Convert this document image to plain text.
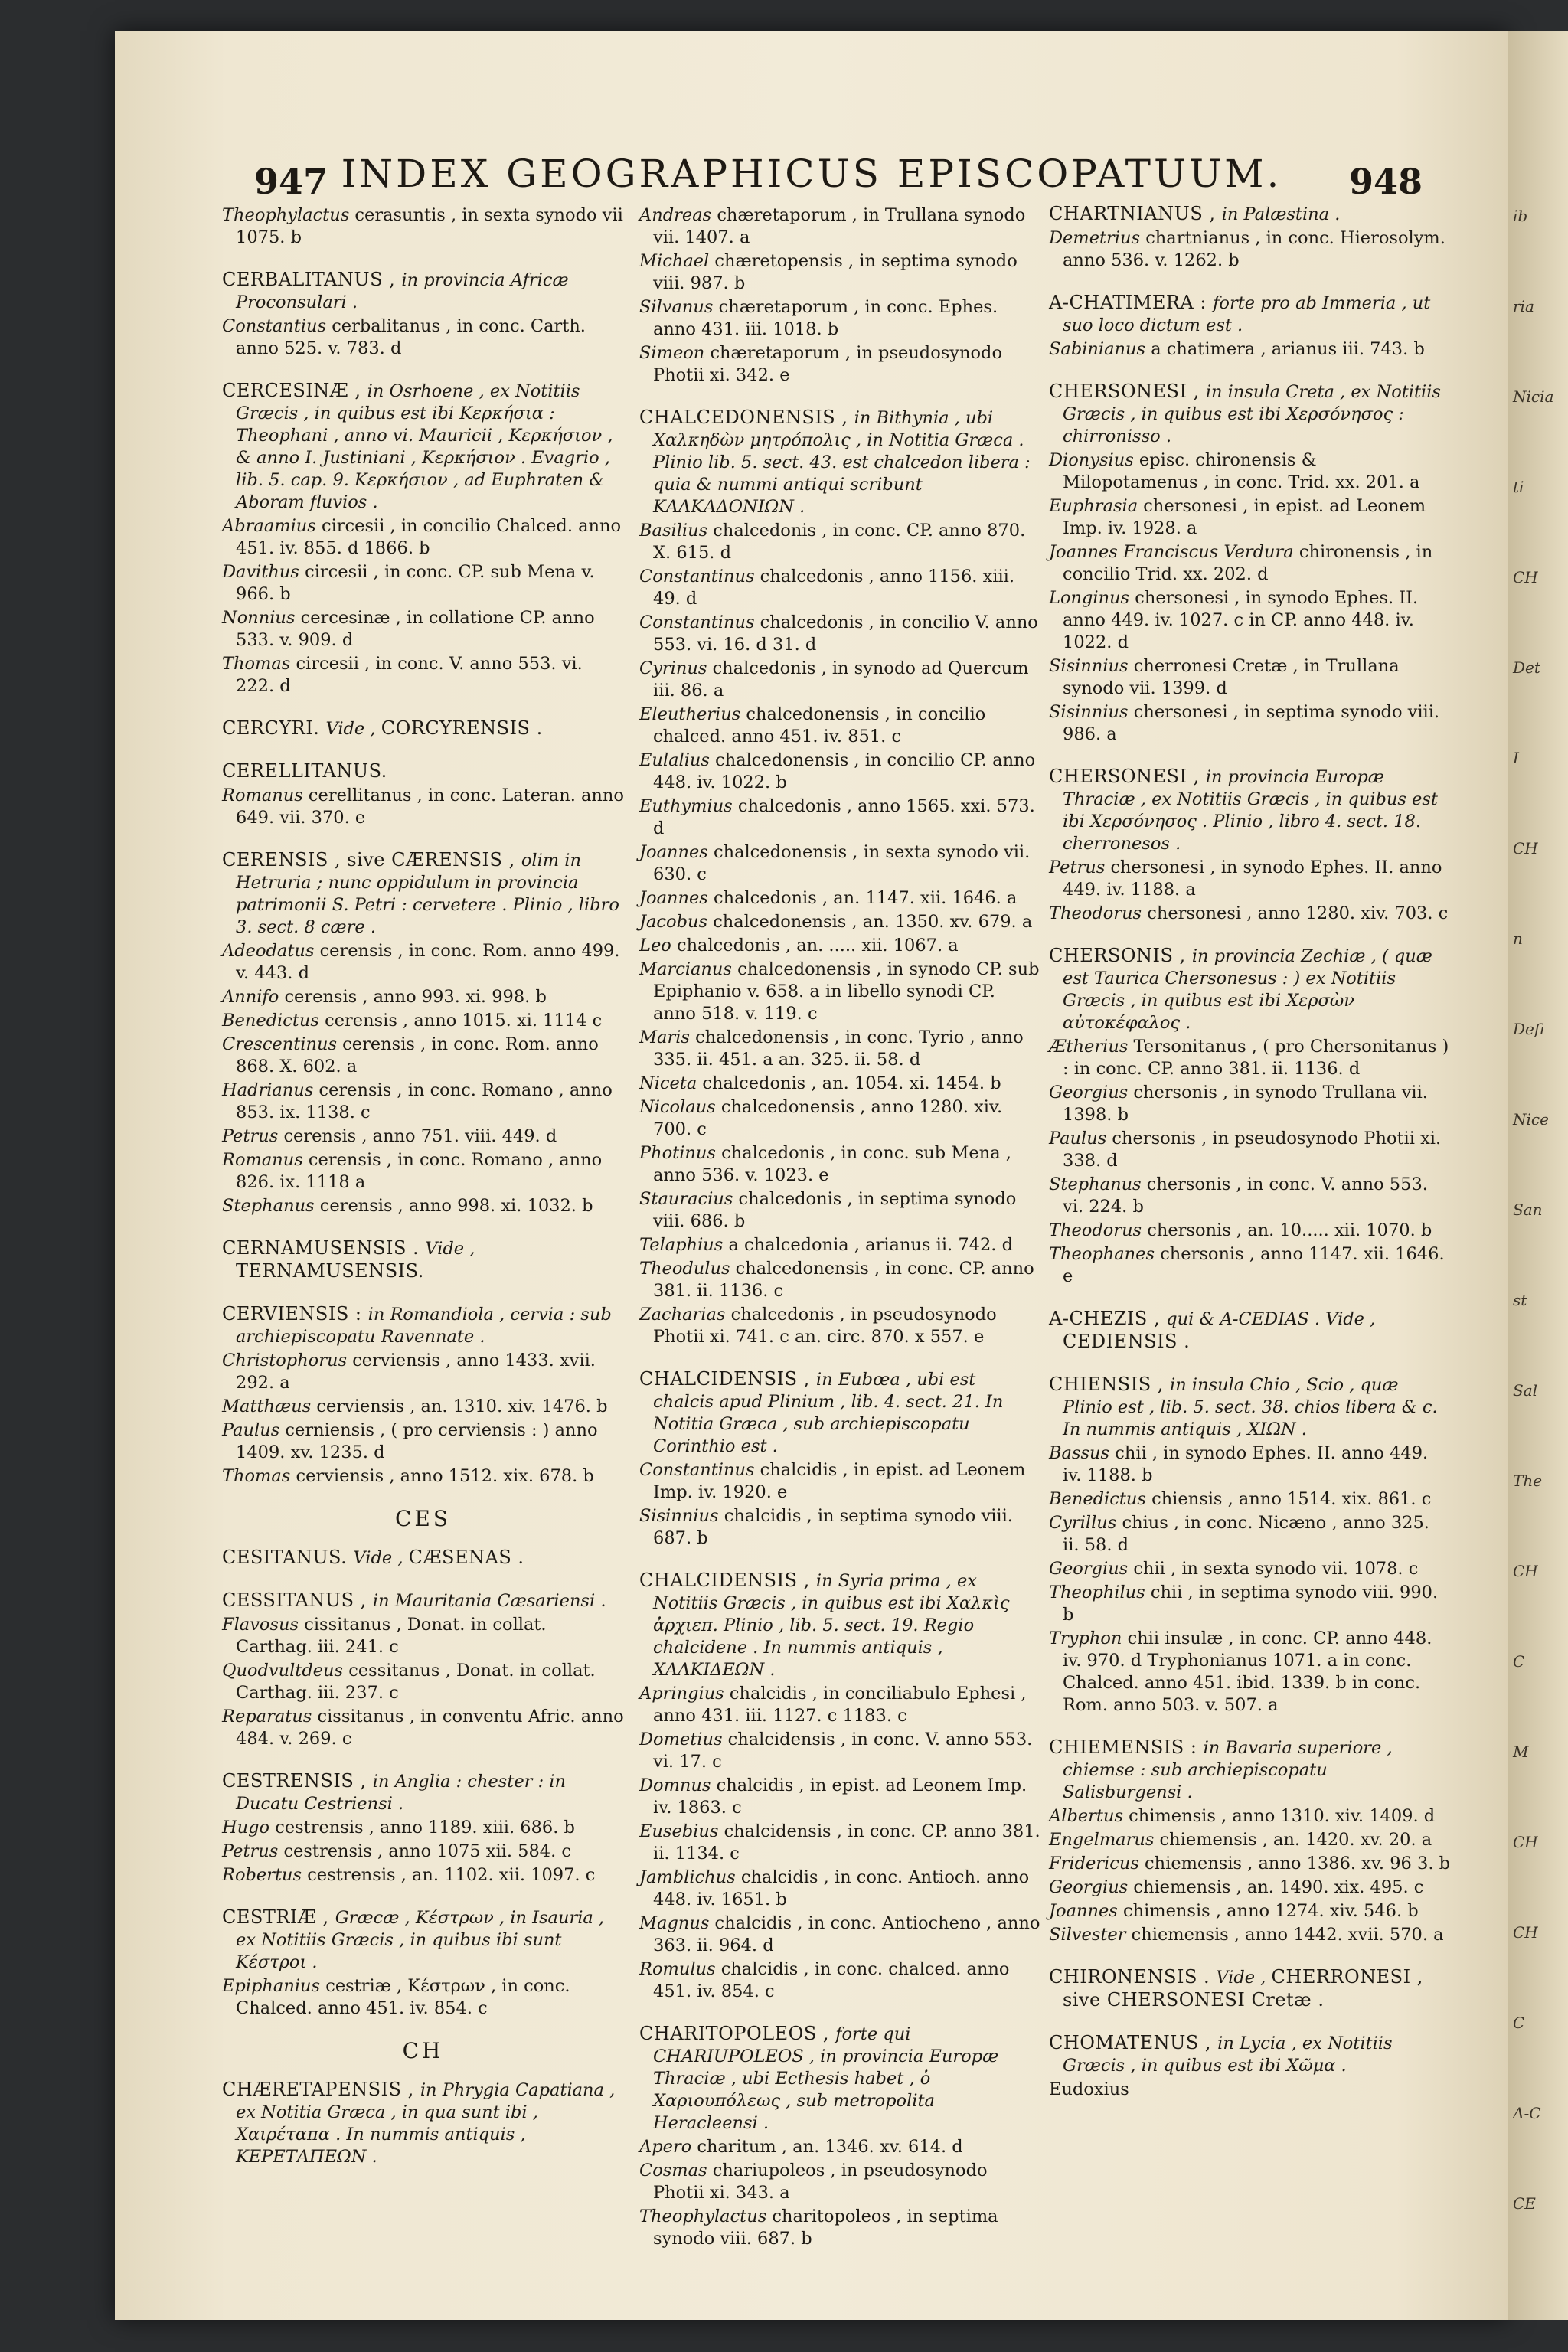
947 INDEX GEOGRAPHICUS EPISCOPATUUM.	948
Theophylactus cerasuntis , in sexta synodo vii 1075. b
CERBALITANUS , in provincia Africæ Proconsulari .
Constantius cerbalitanus , in conc. Carth. anno 525. v. 783. d
CERCESINÆ , in Osrhoene , ex Notitiis Græcis , in quibus est ibi Κερκήσια : Theophani , anno vi. Mauricii , Κερκήσιον , & anno I. Justiniani , Κερκήσιον . Evagrio , lib. 5. cap. 9. Κερκήσιον , ad Euphraten & Aboram fluvios .
Abraamius circesii , in concilio Chalced. anno 451. iv. 855. d 1866. b
Davithus circesii , in conc. CP. sub Mena v. 966. b
Nonnius cercesinæ , in collatione CP. anno 533. v. 909. d
Thomas circesii , in conc. V. anno 553. vi. 222. d
CERCYRI. Vide , CORCYRENSIS .
CERELLITANUS.
Romanus cerellitanus , in conc. Lateran. anno 649. vii. 370. e
CERENSIS , sive CÆRENSIS , olim in Hetruria ; nunc oppidulum in provincia patrimonii S. Petri : cervetere . Plinio , libro 3. sect. 8 cære .
Adeodatus cerensis , in conc. Rom. anno 499. v. 443. d
Annifo cerensis , anno 993. xi. 998. b
Benedictus cerensis , anno 1015. xi. 1114 c
Crescentinus cerensis , in conc. Rom. anno 868. X. 602. a
Hadrianus cerensis , in conc. Romano , anno 853. ix. 1138. c
Petrus cerensis , anno 751. viii. 449. d
Romanus cerensis , in conc. Romano , anno 826. ix. 1118 a
Stephanus cerensis , anno 998. xi. 1032. b
CERNAMUSENSIS . Vide , TERNAMUSENSIS.
CERVIENSIS : in Romandiola , cervia : sub archiepiscopatu Ravennate .
Christophorus cerviensis , anno 1433. xvii. 292. a
Matthæus cerviensis , an. 1310. xiv. 1476. b
Paulus cerniensis , ( pro cerviensis : ) anno 1409. xv. 1235. d
Thomas cerviensis , anno 1512. xix. 678. b
CES
CESITANUS. Vide , CÆSENAS .
CESSITANUS , in Mauritania Cæsariensi .
Flavosus cissitanus , Donat. in collat. Carthag. iii. 241. c
Quodvultdeus cessitanus , Donat. in collat. Carthag. iii. 237. c
Reparatus cissitanus , in conventu Afric. anno 484. v. 269. c
CESTRENSIS , in Anglia : chester : in Ducatu Cestriensi .
Hugo cestrensis , anno 1189. xiii. 686. b
Petrus cestrensis , anno 1075 xii. 584. c
Robertus cestrensis , an. 1102. xii. 1097. c
CESTRIÆ , Græcæ , Κέστρων , in Isauria , ex Notitiis Græcis , in quibus ibi sunt Κέστροι .
Epiphanius cestriæ , Κέστρων , in conc. Chalced. anno 451. iv. 854. c
CH
CHÆRETAPENSIS , in Phrygia Capatiana , ex Notitia Græca , in qua sunt ibi , Χαιρέταπα . In nummis antiquis , ΚΕΡΕΤΑΠΕΩΝ .
Andreas chæretaporum , in Trullana synodo vii. 1407. a
Michael chæretopensis , in septima synodo viii. 987. b
Silvanus chæretaporum , in conc. Ephes. anno 431. iii. 1018. b
Simeon chæretaporum , in pseudosynodo Photii xi. 342. e
CHALCEDONENSIS , in Bithynia , ubi Χαλκηδὼν μητρόπολις , in Notitia Græca . Plinio lib. 5. sect. 43. est chalcedon libera : quia & nummi antiqui scribunt ΚΑΛΚΑΔΟΝΙΩΝ .
Basilius chalcedonis , in conc. CP. anno 870. X. 615. d
Constantinus chalcedonis , anno 1156. xiii. 49. d
Constantinus chalcedonis , in concilio V. anno 553. vi. 16. d 31. d
Cyrinus chalcedonis , in synodo ad Quercum iii. 86. a
Eleutherius chalcedonensis , in concilio chalced. anno 451. iv. 851. c
Eulalius chalcedonensis , in concilio CP. anno 448. iv. 1022. b
Euthymius chalcedonis , anno 1565. xxi. 573. d
Joannes chalcedonensis , in sexta synodo vii. 630. c
Joannes chalcedonis , an. 1147. xii. 1646. a
Jacobus chalcedonensis , an. 1350. xv. 679. a
Leo chalcedonis , an. ..... xii. 1067. a
Marcianus chalcedonensis , in synodo CP. sub Epiphanio v. 658. a in libello synodi CP. anno 518. v. 119. c
Maris chalcedonensis , in conc. Tyrio , anno 335. ii. 451. a an. 325. ii. 58. d
Niceta chalcedonis , an. 1054. xi. 1454. b
Nicolaus chalcedonensis , anno 1280. xiv. 700. c
Photinus chalcedonis , in conc. sub Mena , anno 536. v. 1023. e
Stauracius chalcedonis , in septima synodo viii. 686. b
Telaphius a chalcedonia , arianus ii. 742. d
Theodulus chalcedonensis , in conc. CP. anno 381. ii. 1136. c
Zacharias chalcedonis , in pseudosynodo Photii xi. 741. c an. circ. 870. x 557. e
CHALCIDENSIS , in Eubœa , ubi est chalcis apud Plinium , lib. 4. sect. 21. In Notitia Græca , sub archiepiscopatu Corinthio est .
Constantinus chalcidis , in epist. ad Leonem Imp. iv. 1920. e
Sisinnius chalcidis , in septima synodo viii. 687. b
CHALCIDENSIS , in Syria prima , ex Notitiis Græcis , in quibus est ibi Χαλκὶς ἀρχιεπ. Plinio , lib. 5. sect. 19. Regio chalcidene . In nummis antiquis , ΧΑΛΚΙΔΕΩΝ .
Apringius chalcidis , in conciliabulo Ephesi , anno 431. iii. 1127. c 1183. c
Dometius chalcidensis , in conc. V. anno 553. vi. 17. c
Domnus chalcidis , in epist. ad Leonem Imp. iv. 1863. c
Eusebius chalcidensis , in conc. CP. anno 381. ii. 1134. c
Jamblichus chalcidis , in conc. Antioch. anno 448. iv. 1651. b
Magnus chalcidis , in conc. Antiocheno , anno 363. ii. 964. d
Romulus chalcidis , in conc. chalced. anno 451. iv. 854. c
CHARITOPOLEOS , forte qui CHARIUPOLEOS , in provincia Europæ Thraciæ , ubi Ecthesis habet , ὁ Χαριουπόλεως , sub metropolita Heracleensi .
Apero charitum , an. 1346. xv. 614. d
Cosmas chariupoleos , in pseudosynodo Photii xi. 343. a
Theophylactus charitopoleos , in septima synodo viii. 687. b
CHARTNIANUS , in Palæstina .
Demetrius chartnianus , in conc. Hierosolym. anno 536. v. 1262. b
A-CHATIMERA : forte pro ab Immeria , ut suo loco dictum est .
Sabinianus a chatimera , arianus iii. 743. b
CHERSONESI , in insula Creta , ex Notitiis Græcis , in quibus est ibi Χερσόνησος : chirronisso .
Dionysius episc. chironensis & Milopotamenus , in conc. Trid. xx. 201. a
Euphrasia chersonesi , in epist. ad Leonem Imp. iv. 1928. a
Joannes Franciscus Verdura chironensis , in concilio Trid. xx. 202. d
Longinus chersonesi , in synodo Ephes. II. anno 449. iv. 1027. c in CP. anno 448. iv. 1022. d
Sisinnius cherronesi Cretæ , in Trullana synodo vii. 1399. d
Sisinnius chersonesi , in septima synodo viii. 986. a
CHERSONESI , in provincia Europæ Thraciæ , ex Notitiis Græcis , in quibus est ibi Χερσόνησος . Plinio , libro 4. sect. 18. cherronesos .
Petrus chersonesi , in synodo Ephes. II. anno 449. iv. 1188. a
Theodorus chersonesi , anno 1280. xiv. 703. c
CHERSONIS , in provincia Zechiæ , ( quæ est Taurica Chersonesus : ) ex Notitiis Græcis , in quibus est ibi Χερσὼν αὐτοκέφαλος .
Ætherius Tersonitanus , ( pro Chersonitanus ) : in conc. CP. anno 381. ii. 1136. d
Georgius chersonis , in synodo Trullana vii. 1398. b
Paulus chersonis , in pseudosynodo Photii xi. 338. d
Stephanus chersonis , in conc. V. anno 553. vi. 224. b
Theodorus chersonis , an. 10..... xii. 1070. b
Theophanes chersonis , anno 1147. xii. 1646. e
A-CHEZIS , qui & A-CEDIAS . Vide , CEDIENSIS .
CHIENSIS , in insula Chio , Scio , quæ Plinio est , lib. 5. sect. 38. chios libera & c. In nummis antiquis , ΧΙΩΝ .
Bassus chii , in synodo Ephes. II. anno 449. iv. 1188. b
Benedictus chiensis , anno 1514. xix. 861. c
Cyrillus chius , in conc. Nicæno , anno 325. ii. 58. d
Georgius chii , in sexta synodo vii. 1078. c
Theophilus chii , in septima synodo viii. 990. b
Tryphon chii insulæ , in conc. CP. anno 448. iv. 970. d Tryphonianus 1071. a in conc. Chalced. anno 451. ibid. 1339. b in conc. Rom. anno 503. v. 507. a
CHIEMENSIS : in Bavaria superiore , chiemse : sub archiepiscopatu Salisburgensi .
Albertus chimensis , anno 1310. xiv. 1409. d
Engelmarus chiemensis , an. 1420. xv. 20. a
Fridericus chiemensis , anno 1386. xv. 96 3. b
Georgius chiemensis , an. 1490. xix. 495. c
Joannes chimensis , anno 1274. xiv. 546. b
Silvester chiemensis , anno 1442. xvii. 570. a
CHIRONENSIS . Vide , CHERRONESI , sive CHERSONESI Cretæ .
CHOMATENUS , in Lycia , ex Notitiis Græcis , in quibus est ibi Χῶμα .
Eudoxius
ib
ria
Nicia
ti
CH
Det
I
CH
n
Defi
Nice
San
st
Sal
The
CH
C
M
CH
CH
C
A-C
CE
